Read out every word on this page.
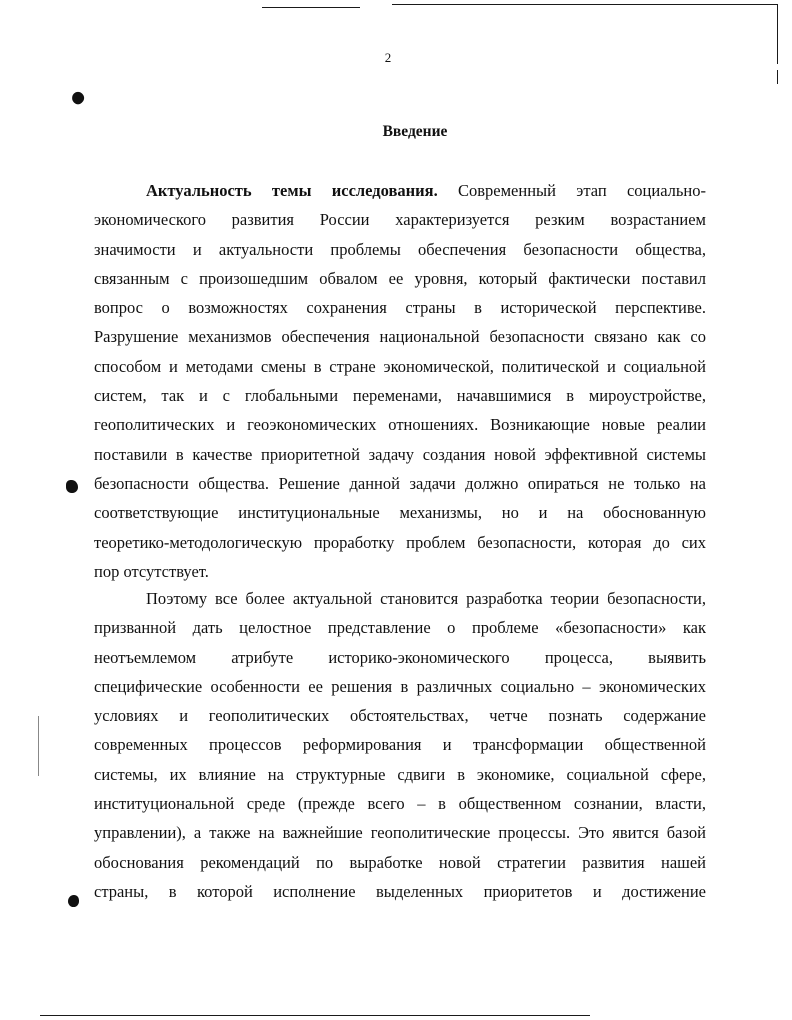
2
Введение
Актуальность темы исследования. Современный этап социально-
экономического развития России характеризуется резким возрастанием
значимости и актуальности проблемы обеспечения безопасности общества,
связанным с произошедшим обвалом ее уровня, который фактически поставил
вопрос о возможностях сохранения страны в исторической перспективе.
Разрушение механизмов обеспечения национальной безопасности связано как со
способом и методами смены в стране экономической, политической и социальной
систем, так и с глобальными переменами, начавшимися в мироустройстве,
геополитических и геоэкономических отношениях. Возникающие новые реалии
поставили в качестве приоритетной задачу создания новой эффективной системы
безопасности общества. Решение данной задачи должно опираться не только на
соответствующие институциональные механизмы, но и на обоснованную
теоретико-методологическую проработку проблем безопасности, которая до сих
пор отсутствует.
Поэтому все более актуальной становится разработка теории безопасности,
призванной дать целостное представление о проблеме «безопасности» как
неотъемлемом атрибуте историко-экономического процесса, выявить
специфические особенности ее решения в различных социально – экономических
условиях и геополитических обстоятельствах, четче познать содержание
современных процессов реформирования и трансформации общественной
системы, их влияние на структурные сдвиги в экономике, социальной сфере,
институциональной среде (прежде всего – в общественном сознании, власти,
управлении), а также на важнейшие геополитические процессы. Это явится базой
обоснования рекомендаций по выработке новой стратегии развития нашей
страны, в которой исполнение выделенных приоритетов и достижение
